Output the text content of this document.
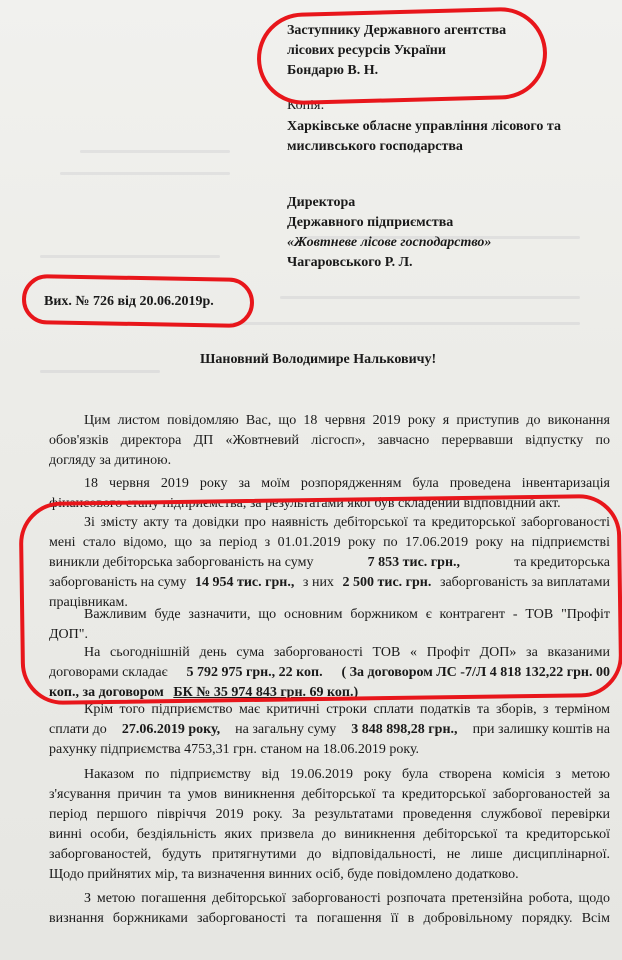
Заступнику Державного агентства
лісових ресурсів України
Бондарю В. Н.
Копія:
Харківське обласне управління лісового та
мисливського господарства
Директора
Державного підприємства
«Жовтневе лісове господарство»
Чагаровського Р. Л.
Вих. № 726 від 20.06.2019р.
Шановний Володимире Нальковичу!
Цим листом повідомляю Вас, що 18 червня 2019 року я приступив до виконання
обов'язків директора ДП «Жовтневий лісгосп», завчасно перервавши відпустку по
догляду за дитиною.
18 червня 2019 року за моїм розпорядженням була проведена інвентаризація
фінансового стану підприємства, за результатами якої був складений відповідний акт.
Зі змісту акту та довідки про наявність дебіторської та кредиторської заборгованості
мені стало відомо, що за період з 01.01.2019 року по 17.06.2019 року на підприємстві
виникли дебіторська заборгованість на суму	7 853 тис. грн.,	та кредиторська
заборгованість на суму 14 954 тис. грн., з них 2 500 тис. грн. заборгованість за виплатами
працівникам.
Важливим буде зазначити, що основним боржником є контрагент - ТОВ "Профіт
ДОП".
На сьогоднішній день сума заборгованості ТОВ « Профіт ДОП» за вказаними
договорами складає 5 792 975 грн., 22 коп. ( За договором ЛС -7/Л 4 818 132,22 грн. 00
коп., за договором БК № 35 974 843 грн. 69 коп.)
Крім того підприємство має критичні строки сплати податків та зборів, з терміном
сплати до 27.06.2019 року, на загальну суму 3 848 898,28 грн., при залишку коштів на
рахунку підприємства 4753,31 грн. станом на 18.06.2019 року.
Наказом по підприємству від 19.06.2019 року була створена комісія з метою
з'ясування причин та умов виникнення дебіторської та кредиторської заборгованостей за
період першого півріччя 2019 року. За результатами проведення службової перевірки
винні особи, бездіяльність яких призвела до виникнення дебіторської та кредиторської
заборгованостей, будуть притягнутими до відповідальності, не лише дисциплінарної.
Щодо прийнятих мір, та визначення винних осіб, буде повідомлено додатково.
З метою погашення дебіторської заборгованості розпочата претензійна робота, щодо
визнання боржниками заборгованості та погашення її в добровільному порядку. Всім
